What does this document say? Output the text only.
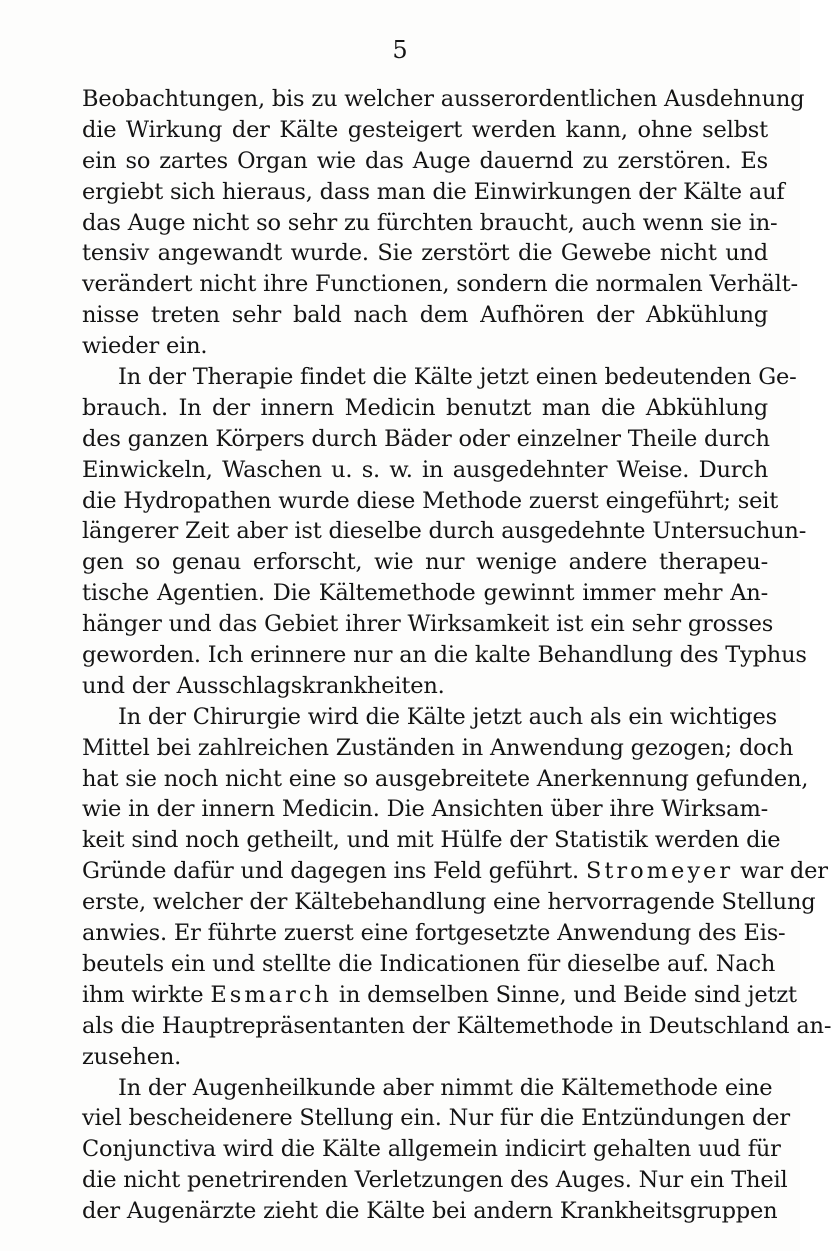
5
Beobachtungen, bis zu welcher ausserordentlichen Ausdehnung
die Wirkung der Kälte gesteigert werden kann, ohne selbst
ein so zartes Organ wie das Auge dauernd zu zerstören. Es
ergiebt sich hieraus, dass man die Einwirkungen der Kälte auf
das Auge nicht so sehr zu fürchten braucht, auch wenn sie in-
tensiv angewandt wurde. Sie zerstört die Gewebe nicht und
verändert nicht ihre Functionen, sondern die normalen Verhält-
nisse treten sehr bald nach dem Aufhören der Abkühlung
wieder ein.
In der Therapie findet die Kälte jetzt einen bedeutenden Ge-
brauch. In der innern Medicin benutzt man die Abkühlung
des ganzen Körpers durch Bäder oder einzelner Theile durch
Einwickeln, Waschen u. s. w. in ausgedehnter Weise. Durch
die Hydropathen wurde diese Methode zuerst eingeführt; seit
längerer Zeit aber ist dieselbe durch ausgedehnte Untersuchun-
gen so genau erforscht, wie nur wenige andere therapeu-
tische Agentien. Die Kältemethode gewinnt immer mehr An-
hänger und das Gebiet ihrer Wirksamkeit ist ein sehr grosses
geworden. Ich erinnere nur an die kalte Behandlung des Typhus
und der Ausschlagskrankheiten.
In der Chirurgie wird die Kälte jetzt auch als ein wichtiges
Mittel bei zahlreichen Zuständen in Anwendung gezogen; doch
hat sie noch nicht eine so ausgebreitete Anerkennung gefunden,
wie in der innern Medicin. Die Ansichten über ihre Wirksam-
keit sind noch getheilt, und mit Hülfe der Statistik werden die
Gründe dafür und dagegen ins Feld geführt. Stromeyer war der
erste, welcher der Kältebehandlung eine hervorragende Stellung
anwies. Er führte zuerst eine fortgesetzte Anwendung des Eis-
beutels ein und stellte die Indicationen für dieselbe auf. Nach
ihm wirkte Esmarch in demselben Sinne, und Beide sind jetzt
als die Hauptrepräsentanten der Kältemethode in Deutschland an-
zusehen.
In der Augenheilkunde aber nimmt die Kältemethode eine
viel bescheidenere Stellung ein. Nur für die Entzündungen der
Conjunctiva wird die Kälte allgemein indicirt gehalten uud für
die nicht penetrirenden Verletzungen des Auges. Nur ein Theil
der Augenärzte zieht die Kälte bei andern Krankheitsgruppen
